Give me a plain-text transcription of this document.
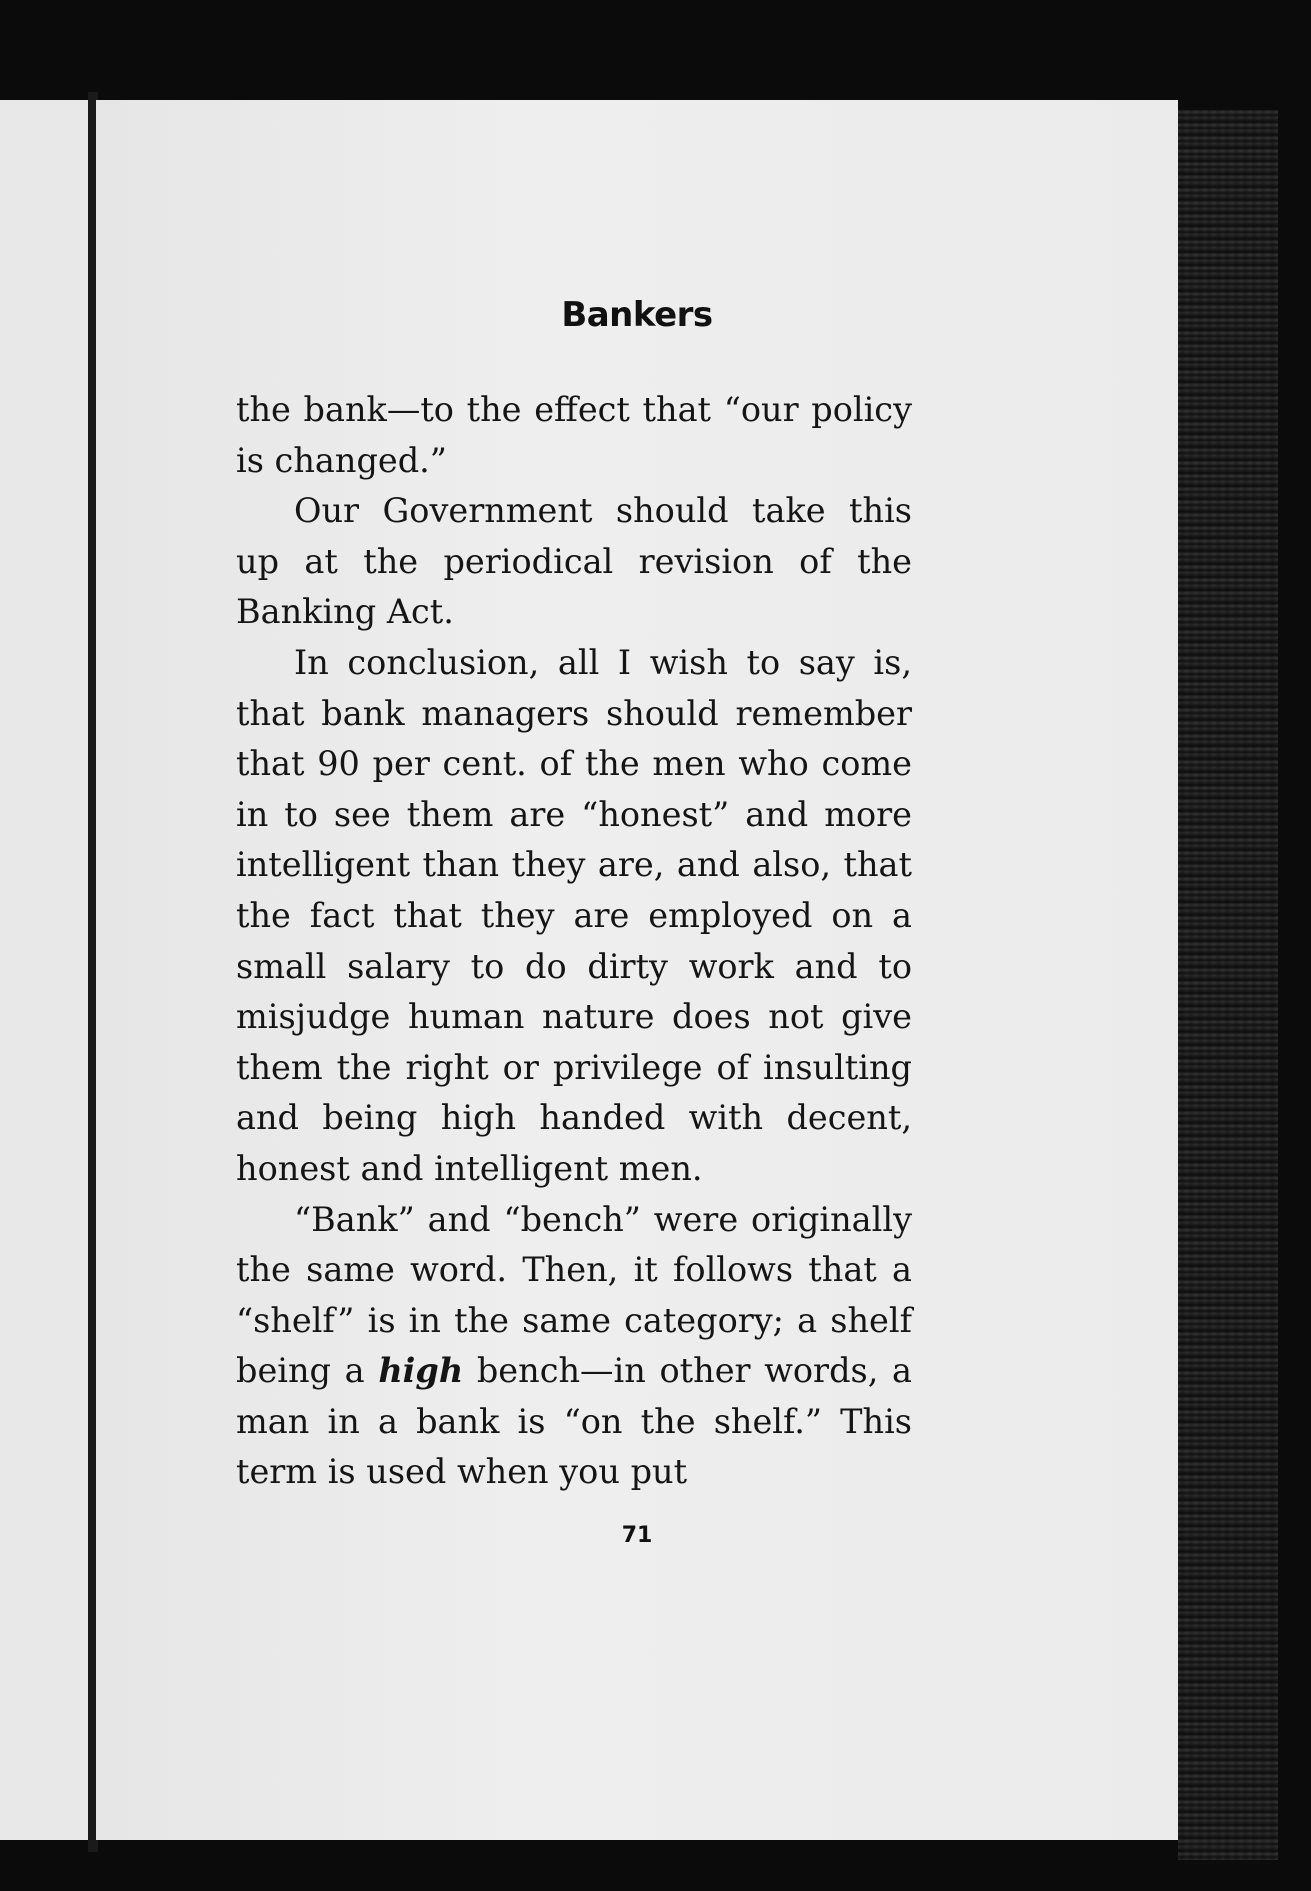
Bankers

the bank—to the effect that “our policy is changed.”

Our Government should take this up at the periodical revision of the Banking Act.

In conclusion, all I wish to say is, that bank managers should remember that 90 per cent. of the men who come in to see them are “honest” and more intelligent than they are, and also, that the fact that they are employed on a small salary to do dirty work and to misjudge human nature does not give them the right or privilege of insulting and being high handed with decent, honest and intelligent men.

“Bank” and “bench” were originally the same word. Then, it follows that a “shelf” is in the same category; a shelf being a high bench—in other words, a man in a bank is “on the shelf.” This term is used when you put

71
